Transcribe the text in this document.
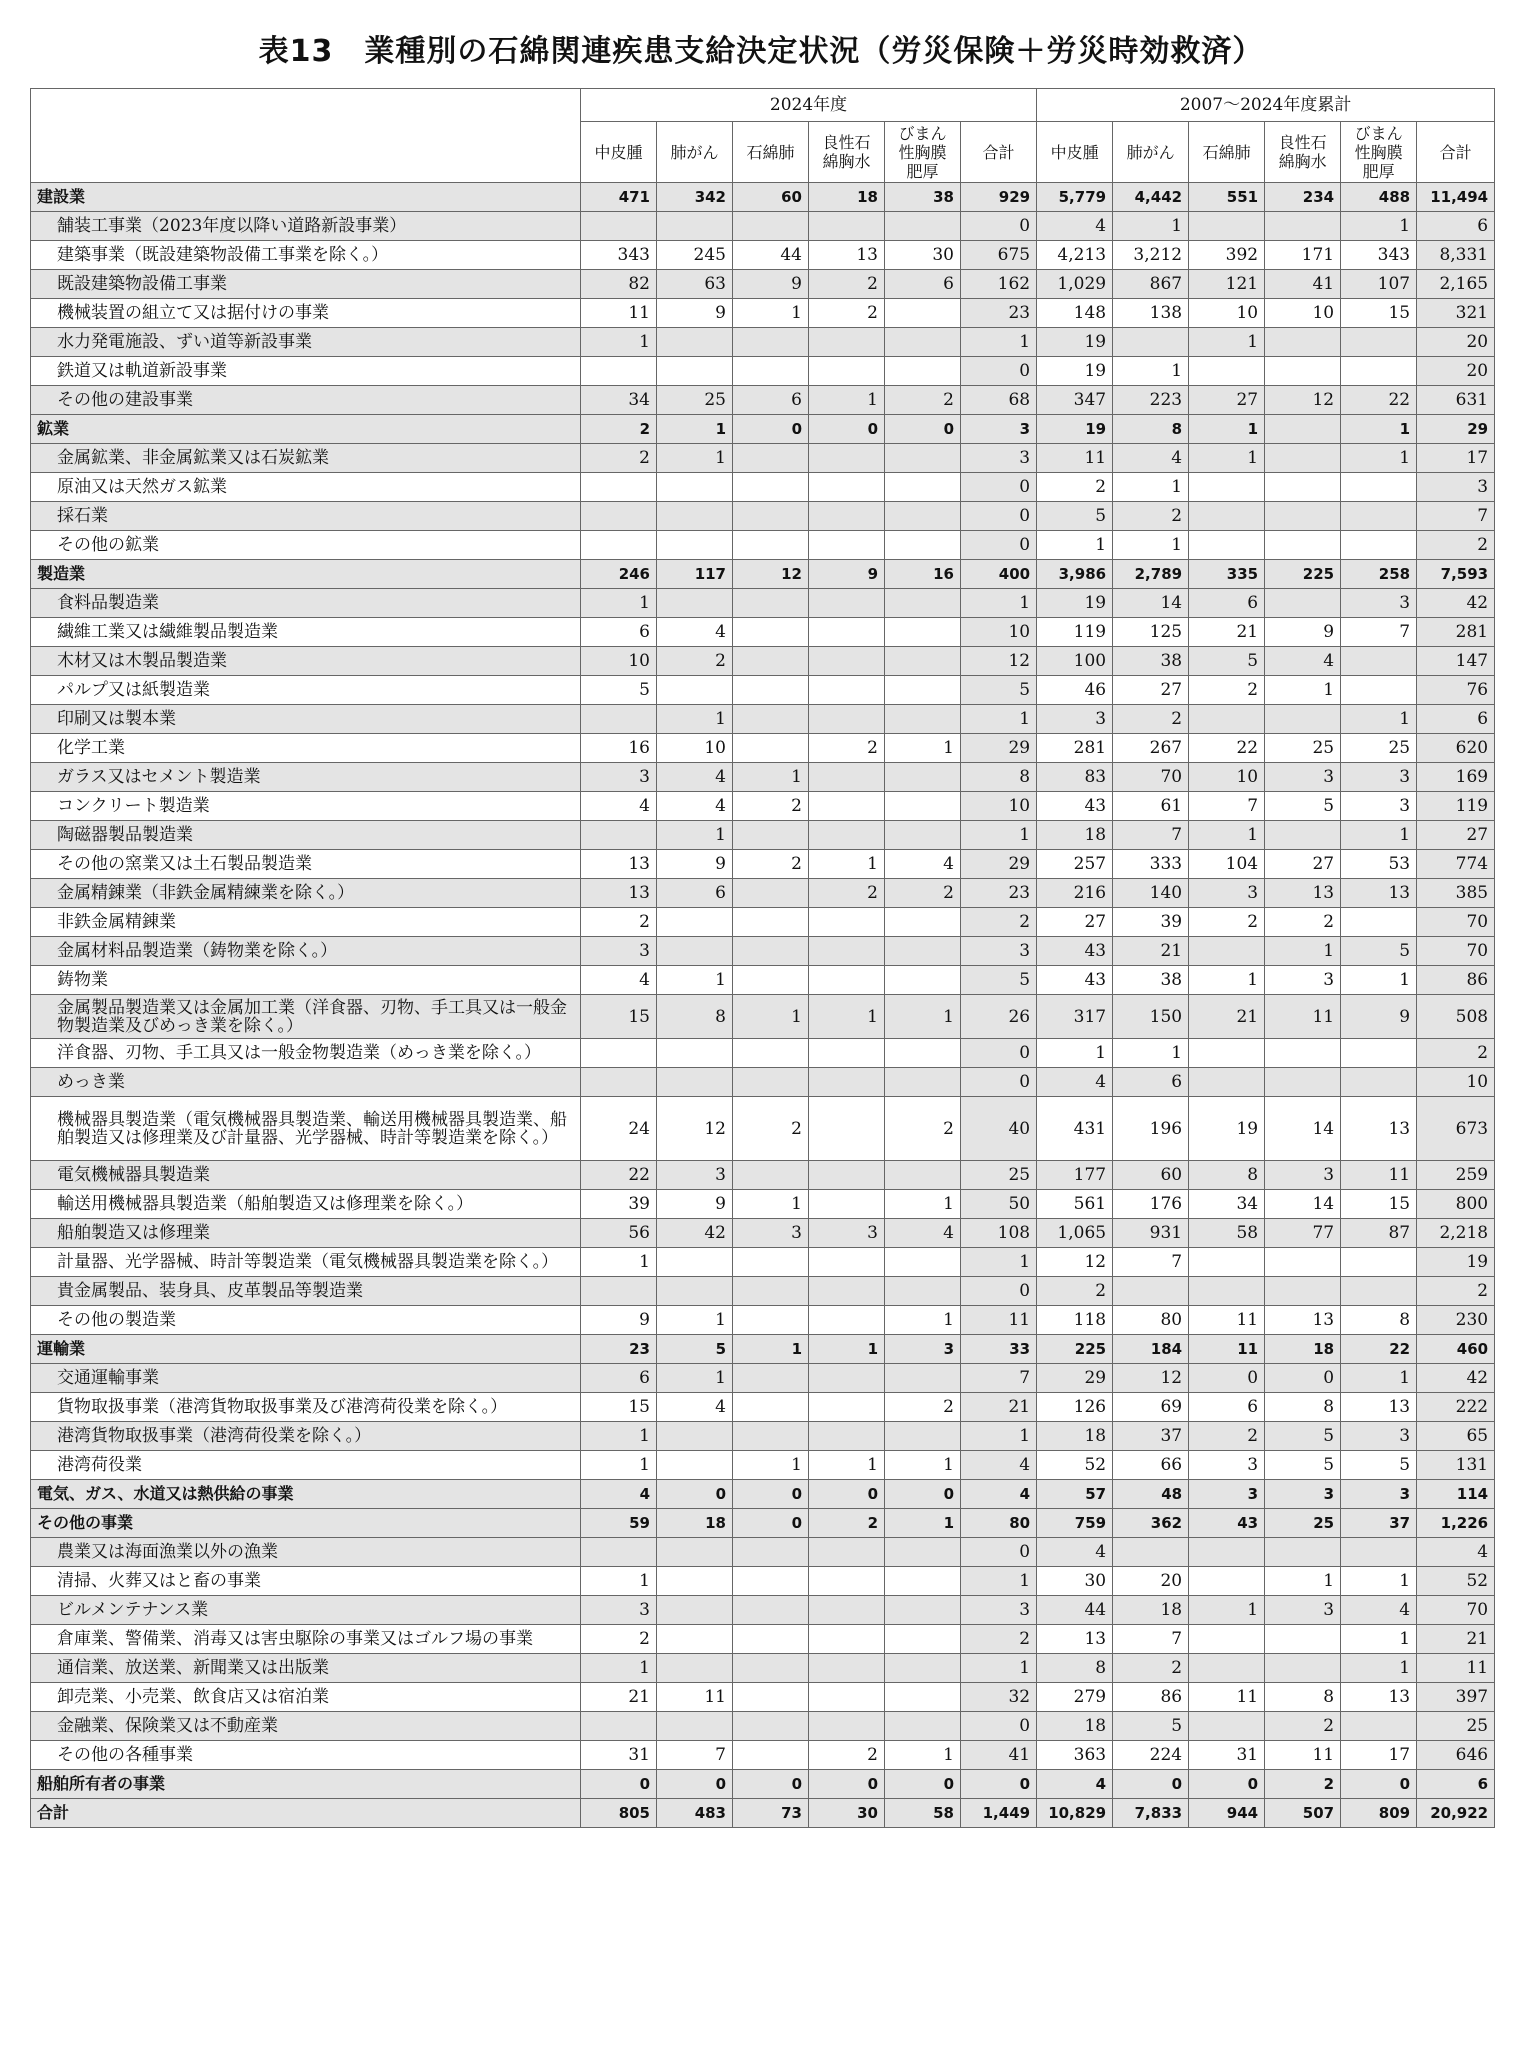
表13　業種別の石綿関連疾患支給決定状況（労災保険＋労災時効救済）
	2024年度						2007〜2024年度累計					
	中皮腫	肺がん	石綿肺	良性石綿胸水	びまん性胸膜肥厚	合計	中皮腫	肺がん	石綿肺	良性石綿胸水	びまん性胸膜肥厚	合計
建設業	471	342	60	18	38	929	5,779	4,442	551	234	488	11,494
舗装工事業（2023年度以降い道路新設事業）						0	4	1			1	6
建築事業（既設建築物設備工事業を除く。）	343	245	44	13	30	675	4,213	3,212	392	171	343	8,331
既設建築物設備工事業	82	63	9	2	6	162	1,029	867	121	41	107	2,165
機械装置の組立て又は据付けの事業	11	9	1	2		23	148	138	10	10	15	321
水力発電施設、ずい道等新設事業	1					1	19		1			20
鉄道又は軌道新設事業						0	19	1				20
その他の建設事業	34	25	6	1	2	68	347	223	27	12	22	631
鉱業	2	1	0	0	0	3	19	8	1		1	29
金属鉱業、非金属鉱業又は石炭鉱業	2	1				3	11	4	1		1	17
原油又は天然ガス鉱業						0	2	1				3
採石業						0	5	2				7
その他の鉱業						0	1	1				2
製造業	246	117	12	9	16	400	3,986	2,789	335	225	258	7,593
食料品製造業	1					1	19	14	6		3	42
繊維工業又は繊維製品製造業	6	4				10	119	125	21	9	7	281
木材又は木製品製造業	10	2				12	100	38	5	4		147
パルプ又は紙製造業	5					5	46	27	2	1		76
印刷又は製本業		1				1	3	2			1	6
化学工業	16	10		2	1	29	281	267	22	25	25	620
ガラス又はセメント製造業	3	4	1			8	83	70	10	3	3	169
コンクリート製造業	4	4	2			10	43	61	7	5	3	119
陶磁器製品製造業		1				1	18	7	1		1	27
その他の窯業又は土石製品製造業	13	9	2	1	4	29	257	333	104	27	53	774
金属精錬業（非鉄金属精練業を除く。）	13	6		2	2	23	216	140	3	13	13	385
非鉄金属精錬業	2					2	27	39	2	2		70
金属材料品製造業（鋳物業を除く。）	3					3	43	21		1	5	70
鋳物業	4	1				5	43	38	1	3	1	86
金属製品製造業又は金属加工業（洋食器、刃物、手工具又は一般金物製造業及びめっき業を除く。）	15	8	1	1	1	26	317	150	21	11	9	508
洋食器、刃物、手工具又は一般金物製造業（めっき業を除く。）						0	1	1				2
めっき業						0	4	6				10
機械器具製造業（電気機械器具製造業、輸送用機械器具製造業、船舶製造又は修理業及び計量器、光学器械、時計等製造業を除く。）	24	12	2		2	40	431	196	19	14	13	673
電気機械器具製造業	22	3				25	177	60	8	3	11	259
輸送用機械器具製造業（船舶製造又は修理業を除く。）	39	9	1		1	50	561	176	34	14	15	800
船舶製造又は修理業	56	42	3	3	4	108	1,065	931	58	77	87	2,218
計量器、光学器械、時計等製造業（電気機械器具製造業を除く。）	1					1	12	7				19
貴金属製品、装身具、皮革製品等製造業						0	2					2
その他の製造業	9	1			1	11	118	80	11	13	8	230
運輸業	23	5	1	1	3	33	225	184	11	18	22	460
交通運輸事業	6	1				7	29	12	0	0	1	42
貨物取扱事業（港湾貨物取扱事業及び港湾荷役業を除く。）	15	4			2	21	126	69	6	8	13	222
港湾貨物取扱事業（港湾荷役業を除く。）	1					1	18	37	2	5	3	65
港湾荷役業	1		1	1	1	4	52	66	3	5	5	131
電気、ガス、水道又は熱供給の事業	4	0	0	0	0	4	57	48	3	3	3	114
その他の事業	59	18	0	2	1	80	759	362	43	25	37	1,226
農業又は海面漁業以外の漁業						0	4					4
清掃、火葬又はと畜の事業	1					1	30	20		1	1	52
ビルメンテナンス業	3					3	44	18	1	3	4	70
倉庫業、警備業、消毒又は害虫駆除の事業又はゴルフ場の事業	2					2	13	7			1	21
通信業、放送業、新聞業又は出版業	1					1	8	2			1	11
卸売業、小売業、飲食店又は宿泊業	21	11				32	279	86	11	8	13	397
金融業、保険業又は不動産業						0	18	5		2		25
その他の各種事業	31	7		2	1	41	363	224	31	11	17	646
船舶所有者の事業	0	0	0	0	0	0	4	0	0	2	0	6
合計	805	483	73	30	58	1,449	10,829	7,833	944	507	809	20,922
